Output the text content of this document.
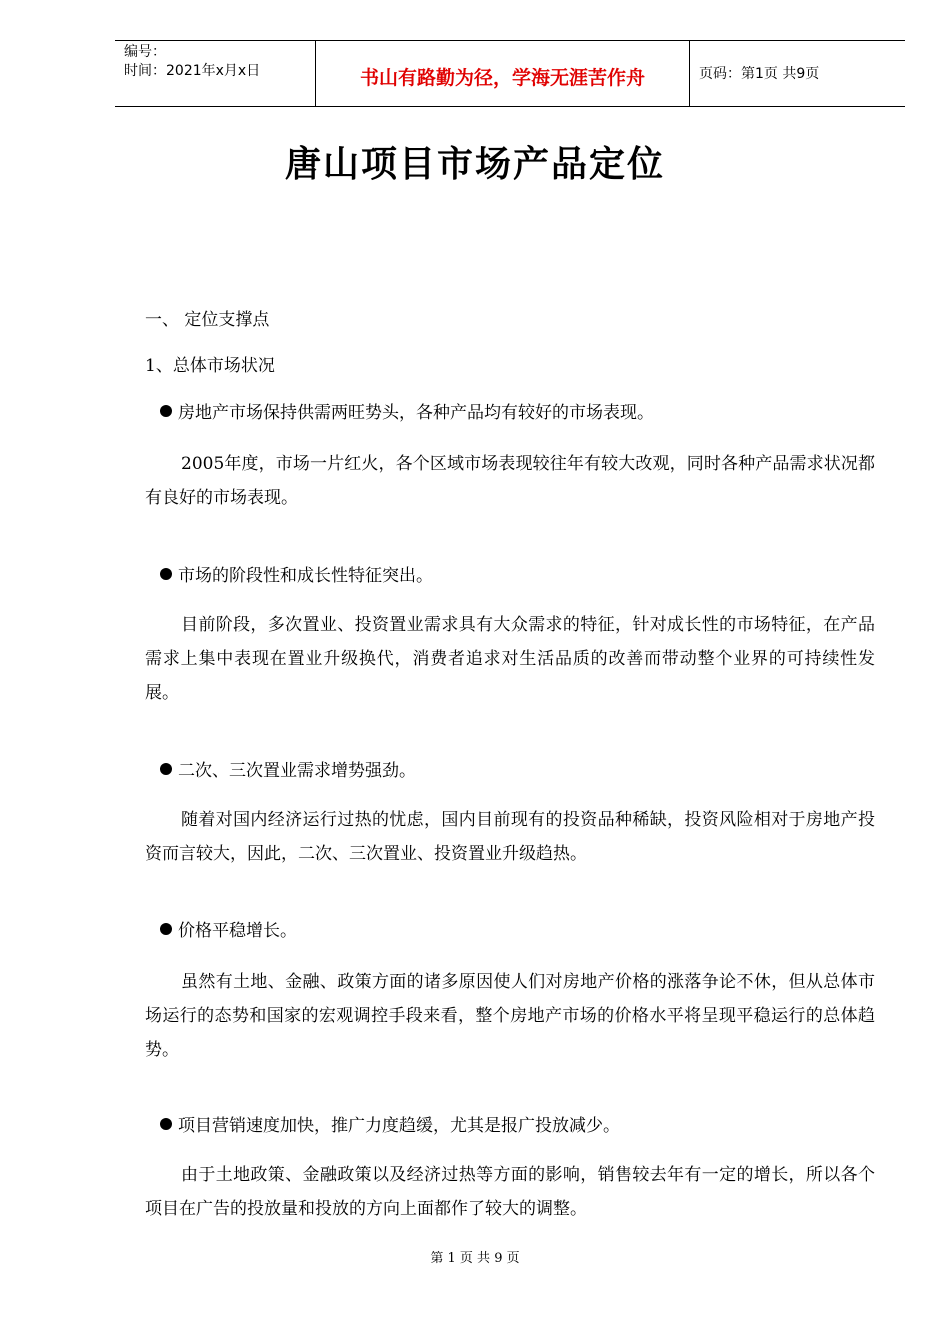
编号：
时间：2021年x月x日	书山有路勤为径，学海无涯苦作舟	页码：第1页 共9页
唐山项目市场产品定位
一、 定位支撑点
1、总体市场状况
房地产市场保持供需两旺势头，各种产品均有较好的市场表现。
2005年度，市场一片红火，各个区域市场表现较往年有较大改观，同时各种产品需求状况都有良好的市场表现。
市场的阶段性和成长性特征突出。
目前阶段，多次置业、投资置业需求具有大众需求的特征，针对成长性的市场特征，在产品需求上集中表现在置业升级换代，消费者追求对生活品质的改善而带动整个业界的可持续性发展。
二次、三次置业需求增势强劲。
随着对国内经济运行过热的忧虑，国内目前现有的投资品种稀缺，投资风险相对于房地产投资而言较大，因此，二次、三次置业、投资置业升级趋热。
价格平稳增长。
虽然有土地、金融、政策方面的诸多原因使人们对房地产价格的涨落争论不休，但从总体市场运行的态势和国家的宏观调控手段来看，整个房地产市场的价格水平将呈现平稳运行的总体趋势。
项目营销速度加快，推广力度趋缓，尤其是报广投放减少。
由于土地政策、金融政策以及经济过热等方面的影响，销售较去年有一定的增长，所以各个项目在广告的投放量和投放的方向上面都作了较大的调整。
第 1 页 共 9 页
